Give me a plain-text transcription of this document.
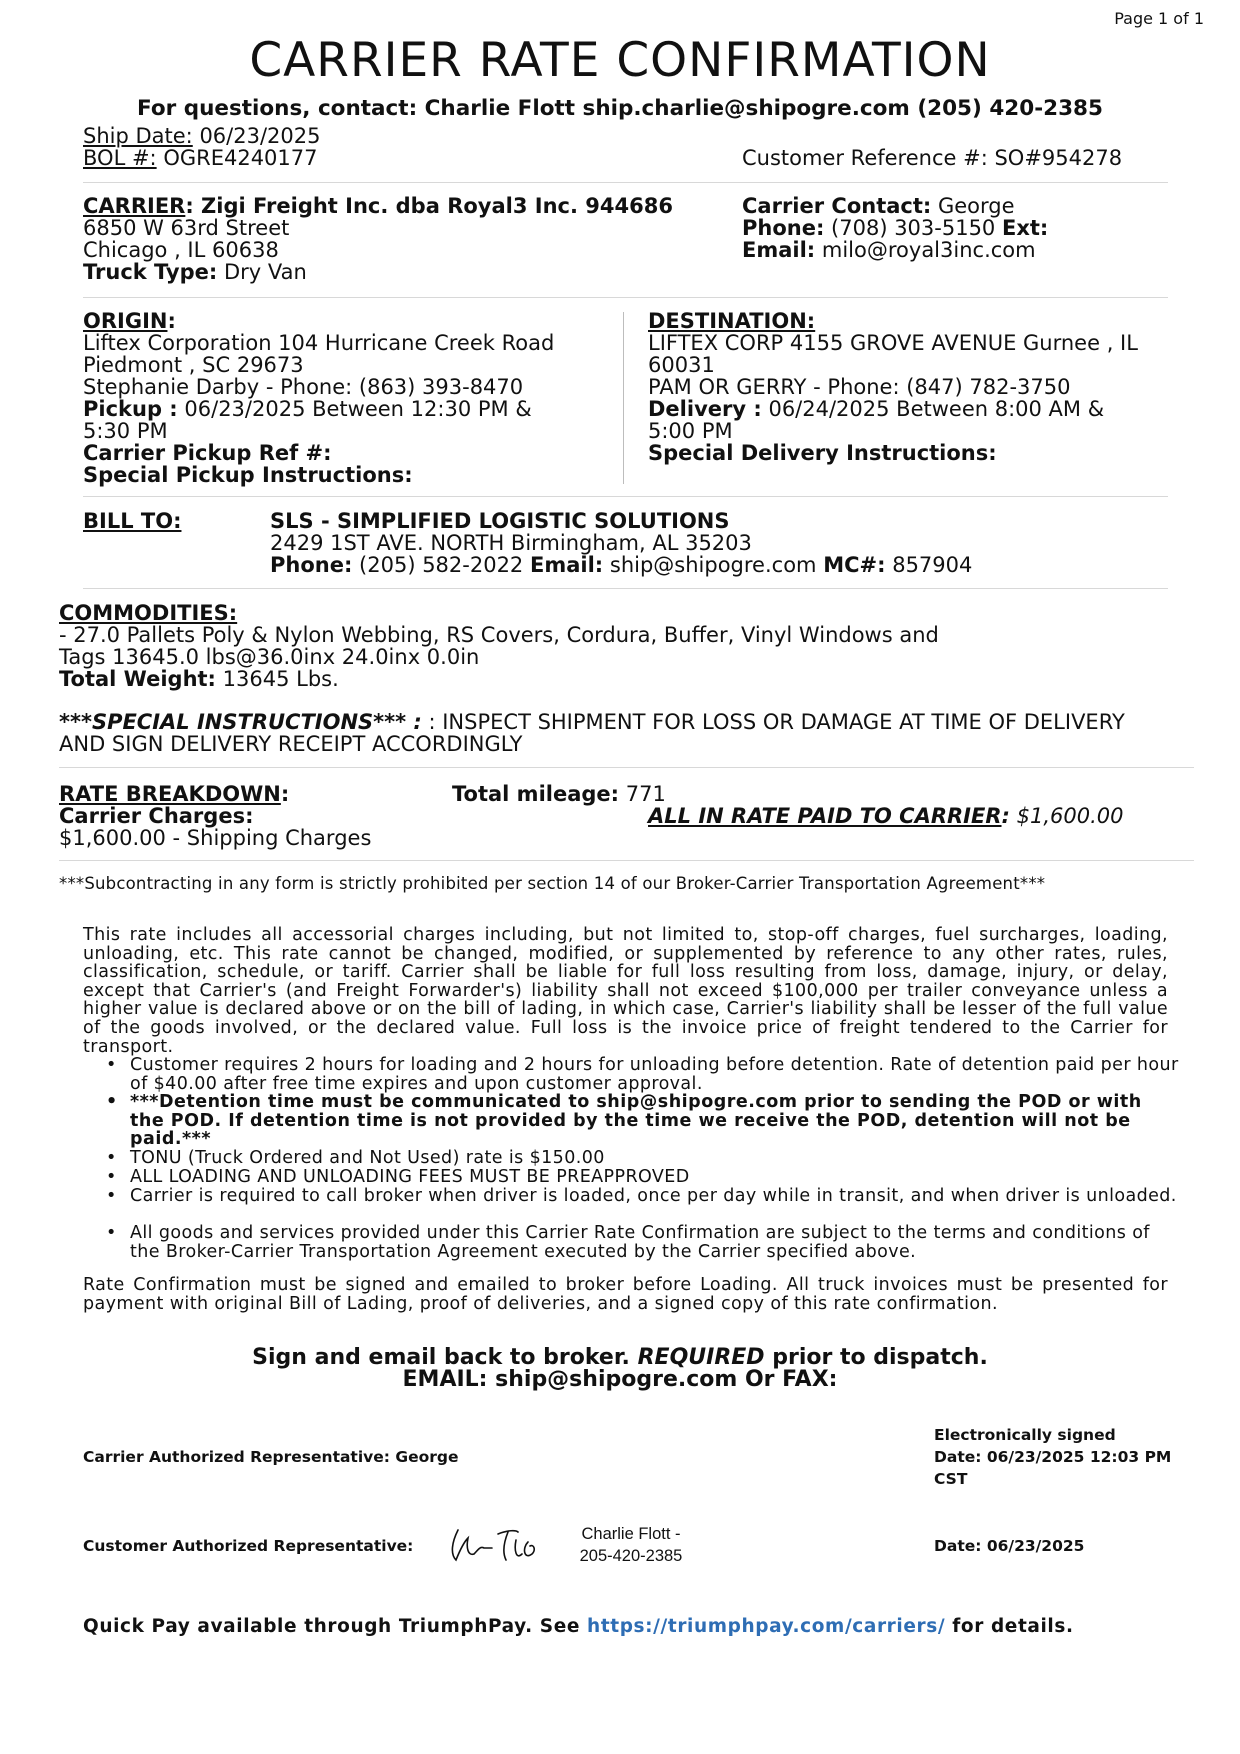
Page 1 of 1
CARRIER RATE CONFIRMATION
For questions, contact: Charlie Flott ship.charlie@shipogre.com (205) 420-2385
Ship Date: 06/23/2025
BOL #: OGRE4240177	Customer Reference #: SO#954278
CARRIER: Zigi Freight Inc. dba Royal3 Inc. 944686
6850 W 63rd Street
Chicago , IL 60638
Truck Type: Dry Van
Carrier Contact: George
Phone: (708) 303-5150 Ext:
Email: milo@royal3inc.com
ORIGIN:
Liftex Corporation 104 Hurricane Creek Road
Piedmont , SC 29673
Stephanie Darby - Phone: (863) 393-8470
Pickup : 06/23/2025 Between 12:30 PM &
5:30 PM
Carrier Pickup Ref #:
Special Pickup Instructions:
DESTINATION:
LIFTEX CORP 4155 GROVE AVENUE Gurnee , IL
60031
PAM OR GERRY - Phone: (847) 782-3750
Delivery : 06/24/2025 Between 8:00 AM &
5:00 PM
Special Delivery Instructions:
BILL TO:	SLS - SIMPLIFIED LOGISTIC SOLUTIONS
2429 1ST AVE. NORTH Birmingham, AL 35203
Phone: (205) 582-2022 Email: ship@shipogre.com MC#: 857904
COMMODITIES:
- 27.0 Pallets Poly & Nylon Webbing, RS Covers, Cordura, Buffer, Vinyl Windows and
Tags 13645.0 lbs@36.0inx 24.0inx 0.0in
Total Weight: 13645 Lbs.
***SPECIAL INSTRUCTIONS*** : : INSPECT SHIPMENT FOR LOSS OR DAMAGE AT TIME OF DELIVERY
AND SIGN DELIVERY RECEIPT ACCORDINGLY
RATE BREAKDOWN:
Carrier Charges:
$1,600.00 - Shipping Charges
Total mileage: 771
ALL IN RATE PAID TO CARRIER: $1,600.00
***Subcontracting in any form is strictly prohibited per section 14 of our Broker-Carrier Transportation Agreement***
This rate includes all accessorial charges including, but not limited to, stop-off charges, fuel surcharges, loading, unloading, etc. This rate cannot be changed, modified, or supplemented by reference to any other rates, rules, classification, schedule, or tariff. Carrier shall be liable for full loss resulting from loss, damage, injury, or delay, except that Carrier's (and Freight Forwarder's) liability shall not exceed $100,000 per trailer conveyance unless a higher value is declared above or on the bill of lading, in which case, Carrier's liability shall be lesser of the full value of the goods involved, or the declared value. Full loss is the invoice price of freight tendered to the Carrier for transport.
• Customer requires 2 hours for loading and 2 hours for unloading before detention. Rate of detention paid per hour of $40.00 after free time expires and upon customer approval.
• ***Detention time must be communicated to ship@shipogre.com prior to sending the POD or with the POD. If detention time is not provided by the time we receive the POD, detention will not be paid.***
• TONU (Truck Ordered and Not Used) rate is $150.00
• ALL LOADING AND UNLOADING FEES MUST BE PREAPPROVED
• Carrier is required to call broker when driver is loaded, once per day while in transit, and when driver is unloaded.
• All goods and services provided under this Carrier Rate Confirmation are subject to the terms and conditions of the Broker-Carrier Transportation Agreement executed by the Carrier specified above.
Rate Confirmation must be signed and emailed to broker before Loading. All truck invoices must be presented for payment with original Bill of Lading, proof of deliveries, and a signed copy of this rate confirmation.
Sign and email back to broker. REQUIRED prior to dispatch.
EMAIL: ship@shipogre.com Or FAX:
Carrier Authorized Representative: George
Electronically signed
Date: 06/23/2025 12:03 PM
CST
Customer Authorized Representative:
Charlie Flott -
205-420-2385
Date: 06/23/2025
Quick Pay available through TriumphPay. See https://triumphpay.com/carriers/ for details.
